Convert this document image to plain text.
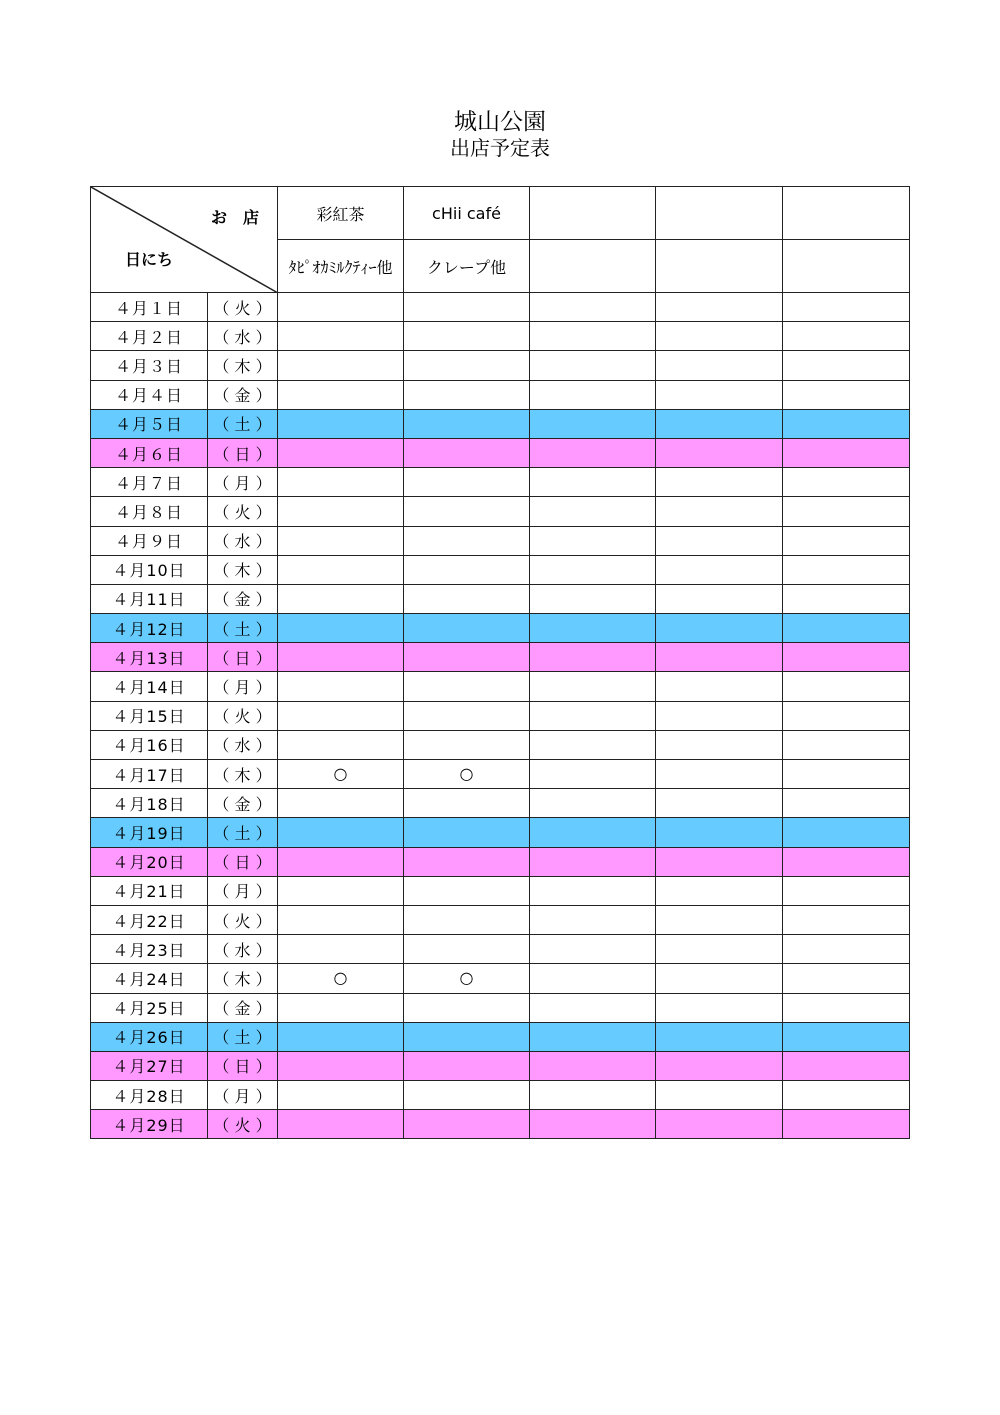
城山公園
出店予定表
お　店
日にち		彩紅茶	cHii café			
		ﾀﾋﾟｵｶﾐﾙｸﾃｨｰ他	クレープ他			
４月１日	（ 火 ）					
４月２日	（ 水 ）					
４月３日	（ 木 ）					
４月４日	（ 金 ）					
４月５日	（ 土 ）					
４月６日	（ 日 ）					
４月７日	（ 月 ）					
４月８日	（ 火 ）					
４月９日	（ 水 ）					
４月10日	（ 木 ）					
４月11日	（ 金 ）					
４月12日	（ 土 ）					
４月13日	（ 日 ）					
４月14日	（ 月 ）					
４月15日	（ 火 ）					
４月16日	（ 水 ）					
４月17日	（ 木 ）	○	○			
４月18日	（ 金 ）					
４月19日	（ 土 ）					
４月20日	（ 日 ）					
４月21日	（ 月 ）					
４月22日	（ 火 ）					
４月23日	（ 水 ）					
４月24日	（ 木 ）	○	○			
４月25日	（ 金 ）					
４月26日	（ 土 ）					
４月27日	（ 日 ）					
４月28日	（ 月 ）					
４月29日	（ 火 ）					
